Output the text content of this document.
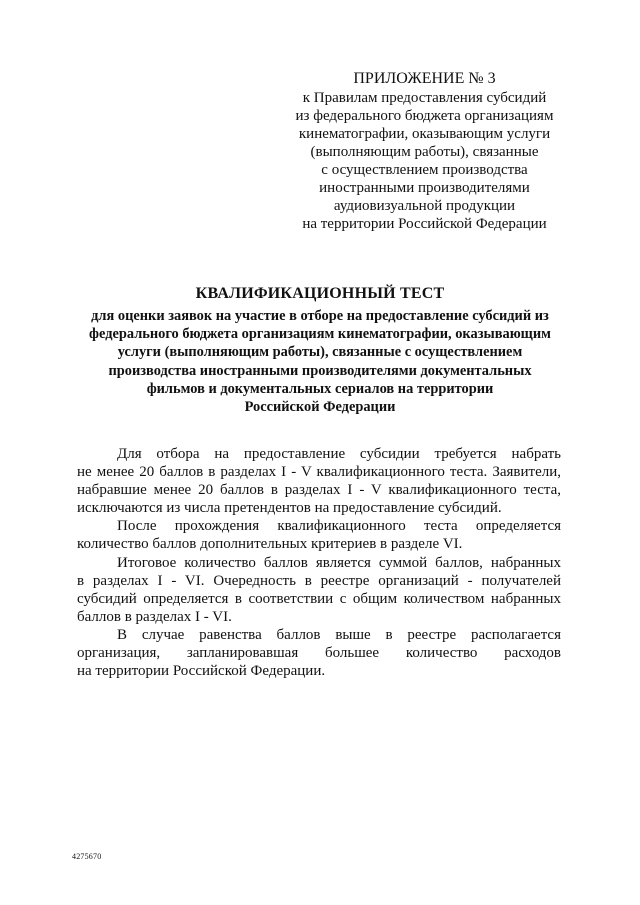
ПРИЛОЖЕНИЕ № 3
к Правилам предоставления субсидий
из федерального бюджета организациям
кинематографии, оказывающим услуги
(выполняющим работы), связанные
с осуществлением производства
иностранными производителями
аудиовизуальной продукции
на территории Российской Федерации
КВАЛИФИКАЦИОННЫЙ ТЕСТ
для оценки заявок на участие в отборе на предоставление субсидий из
федерального бюджета организациям кинематографии, оказывающим
услуги (выполняющим работы), связанные с осуществлением
производства иностранными производителями документальных
фильмов и документальных сериалов на территории
Российской Федерации
Для отбора на предоставление субсидии требуется набрать
не менее 20 баллов в разделах I - V квалификационного теста. Заявители,
набравшие менее 20 баллов в разделах I - V квалификационного теста,
исключаются из числа претендентов на предоставление субсидий.
После прохождения квалификационного теста определяется
количество баллов дополнительных критериев в разделе VI.
Итоговое количество баллов является суммой баллов, набранных
в разделах I - VI. Очередность в реестре организаций - получателей
субсидий определяется в соответствии с общим количеством набранных
баллов в разделах I - VI.
В случае равенства баллов выше в реестре располагается
организация, запланировавшая большее количество расходов
на территории Российской Федерации.
4275670
